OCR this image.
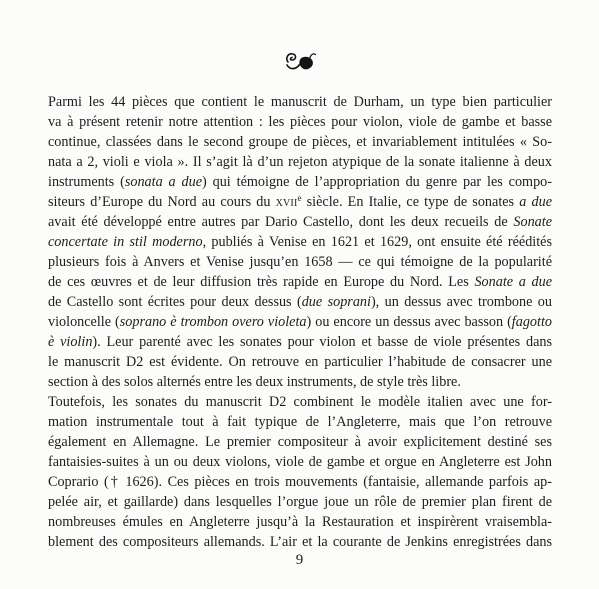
Parmi les 44 pièces que contient le manuscrit de Durham, un type bien particulier
va à présent retenir notre attention : les pièces pour violon, viole de gambe et basse
continue, classées dans le second groupe de pièces, et invariablement intitulées « So-
nata a 2, violi e viola ». Il s’agit là d’un rejeton atypique de la sonate italienne à deux
instruments (sonata a due) qui témoigne de l’appropriation du genre par les compo-
siteurs d’Europe du Nord au cours du xvii$^e$ siècle. En Italie, ce type de sonates a due
avait été développé entre autres par Dario Castello, dont les deux recueils de Sonate
concertate in stil moderno, publiés à Venise en 1621 et 1629, ont ensuite été réédités
plusieurs fois à Anvers et Venise jusqu’en 1658 — ce qui témoigne de la popularité
de ces œuvres et de leur diffusion très rapide en Europe du Nord. Les Sonate a due
de Castello sont écrites pour deux dessus (due soprani), un dessus avec trombone ou
violoncelle (soprano è trombon overo violeta) ou encore un dessus avec basson (fagotto
è violin). Leur parenté avec les sonates pour violon et basse de viole présentes dans
le manuscrit D2 est évidente. On retrouve en particulier l’habitude de consacrer une
section à des solos alternés entre les deux instruments, de style très libre.
Toutefois, les sonates du manuscrit D2 combinent le modèle italien avec une for-
mation instrumentale tout à fait typique de l’Angleterre, mais que l’on retrouve
également en Allemagne. Le premier compositeur à avoir explicitement destiné ses
fantaisies-suites à un ou deux violons, viole de gambe et orgue en Angleterre est John
Coprario († 1626). Ces pièces en trois mouvements (fantaisie, allemande parfois ap-
pelée air, et gaillarde) dans lesquelles l’orgue joue un rôle de premier plan firent de
nombreuses émules en Angleterre jusqu’à la Restauration et inspirèrent vraisembla-
blement des compositeurs allemands. L’air et la courante de Jenkins enregistrées dans
9
